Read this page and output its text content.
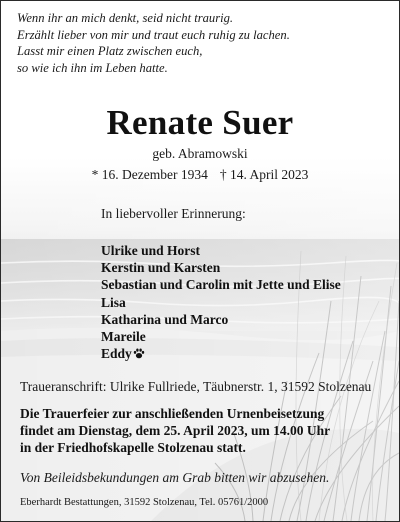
Wenn ihr an mich denkt, seid nicht traurig.
Erzählt lieber von mir und traut euch ruhig zu lachen.
Lasst mir einen Platz zwischen euch,
so wie ich ihn im Leben hatte.
Renate Suer
geb. Abramowski
* 16. Dezember 1934 † 14. April 2023
In liebervoller Erinnerung:
Ulrike und Horst
Kerstin und Karsten
Sebastian und Carolin mit Jette und Elise
Lisa
Katharina und Marco
Mareile
Eddy
Traueranschrift: Ulrike Fullriede, Täubnerstr. 1, 31592 Stolzenau
Die Trauerfeier zur anschließenden Urnenbeisetzung
findet am Dienstag, dem 25. April 2023, um 14.00 Uhr
in der Friedhofskapelle Stolzenau statt.
Von Beileidsbekundungen am Grab bitten wir abzusehen.
Eberhardt Bestattungen, 31592 Stolzenau, Tel. 05761/2000
